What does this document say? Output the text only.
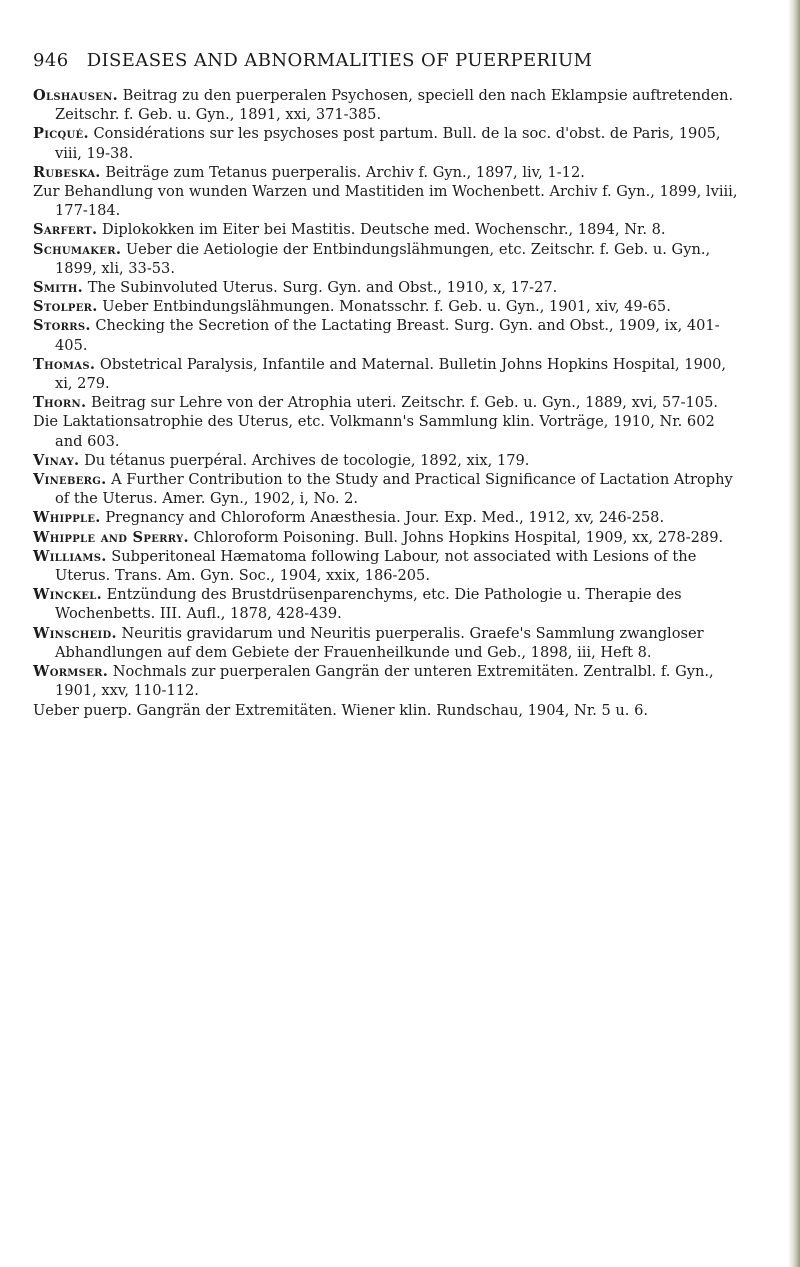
946 DISEASES AND ABNORMALITIES OF PUERPERIUM

Olshausen. Beitrag zu den puerperalen Psychosen, speciell den nach Eklampsie auftretenden. Zeitschr. f. Geb. u. Gyn., 1891, xxi, 371-385.

Picqué. Considérations sur les psychoses post partum. Bull. de la soc. d'obst. de Paris, 1905, viii, 19-38.

Rubeska. Beiträge zum Tetanus puerperalis. Archiv f. Gyn., 1897, liv, 1-12.

Zur Behandlung von wunden Warzen und Mastitiden im Wochenbett. Archiv f. Gyn., 1899, lviii, 177-184.

Sarfert. Diplokokken im Eiter bei Mastitis. Deutsche med. Wochenschr., 1894, Nr. 8.

Schumaker. Ueber die Aetiologie der Entbindungslähmungen, etc. Zeitschr. f. Geb. u. Gyn., 1899, xli, 33-53.

Smith. The Subinvoluted Uterus. Surg. Gyn. and Obst., 1910, x, 17-27.

Stolper. Ueber Entbindungslähmungen. Monatsschr. f. Geb. u. Gyn., 1901, xiv, 49-65.

Storrs. Checking the Secretion of the Lactating Breast. Surg. Gyn. and Obst., 1909, ix, 401-405.

Thomas. Obstetrical Paralysis, Infantile and Maternal. Bulletin Johns Hopkins Hospital, 1900, xi, 279.

Thorn. Beitrag sur Lehre von der Atrophia uteri. Zeitschr. f. Geb. u. Gyn., 1889, xvi, 57-105.

Die Laktationsatrophie des Uterus, etc. Volkmann's Sammlung klin. Vorträge, 1910, Nr. 602 and 603.

Vinay. Du tétanus puerpéral. Archives de tocologie, 1892, xix, 179.

Vineberg. A Further Contribution to the Study and Practical Significance of Lactation Atrophy of the Uterus. Amer. Gyn., 1902, i, No. 2.

Whipple. Pregnancy and Chloroform Anæsthesia. Jour. Exp. Med., 1912, xv, 246-258.

Whipple and Sperry. Chloroform Poisoning. Bull. Johns Hopkins Hospital, 1909, xx, 278-289.

Williams. Subperitoneal Hæmatoma following Labour, not associated with Lesions of the Uterus. Trans. Am. Gyn. Soc., 1904, xxix, 186-205.

Winckel. Entzündung des Brustdrüsenparenchyms, etc. Die Pathologie u. Therapie des Wochenbetts. III. Aufl., 1878, 428-439.

Winscheid. Neuritis gravidarum und Neuritis puerperalis. Graefe's Sammlung zwangloser Abhandlungen auf dem Gebiete der Frauenheilkunde und Geb., 1898, iii, Heft 8.

Wormser. Nochmals zur puerperalen Gangrän der unteren Extremitäten. Zentralbl. f. Gyn., 1901, xxv, 110-112.

Ueber puerp. Gangrän der Extremitäten. Wiener klin. Rundschau, 1904, Nr. 5 u. 6.
